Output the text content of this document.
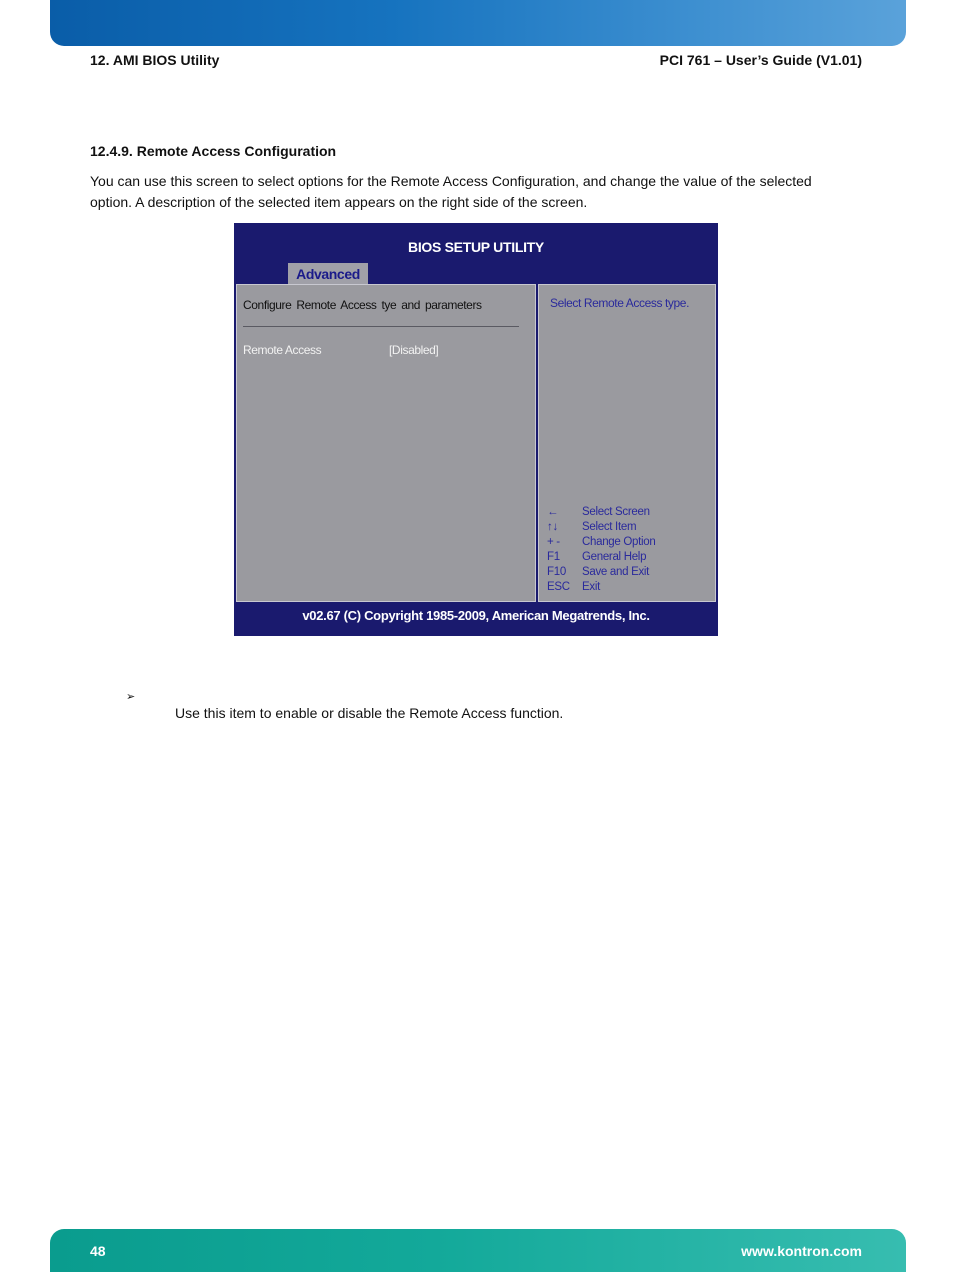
12. AMI BIOS Utility	PCI 761 – User’s Guide (V1.01)
12.4.9. Remote Access Configuration
You can use this screen to select options for the Remote Access Configuration, and change the value of the selected option. A description of the selected item appears on the right side of the screen.
BIOS SETUP UTILITY
Advanced
Configure Remote Access tye and parameters
Remote Access	[Disabled]
Select Remote Access type.
← Select Screen
↑↓ Select Item
+ - Change Option
F1 General Help
F10 Save and Exit
ESC Exit
v02.67 (C) Copyright 1985-2009, American Megatrends, Inc.
➢
Use this item to enable or disable the Remote Access function.
48	www.kontron.com
